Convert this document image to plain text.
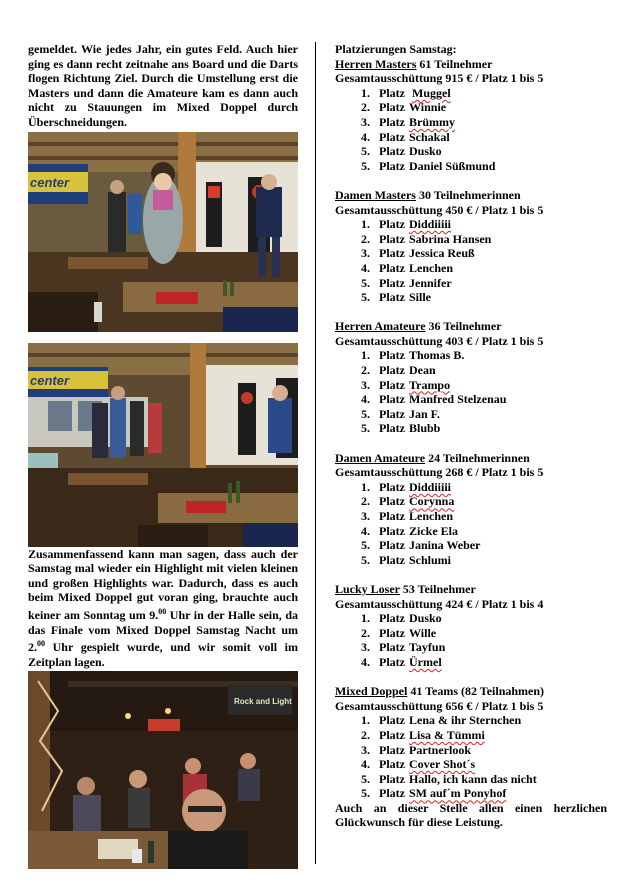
gemeldet. Wie jedes Jahr, ein gutes Feld. Auch hier ging es dann recht zeitnahe ans Board und die Darts flogen Richtung Ziel. Durch die Umstellung erst die Masters und dann die Amateure kam es dann auch nicht zu Stauungen im Mixed Doppel durch Überschneidungen.

center
center

Zusammenfassend kann man sagen, dass auch der Samstag mal wieder ein Highlight mit vielen kleinen und großen Highlights war. Dadurch, dass es auch beim Mixed Doppel gut voran ging, brauchte auch keiner am Sonntag um 9.00 Uhr in der Halle sein, da das Finale vom Mixed Doppel Samstag Nacht um 2.00 Uhr gespielt wurde, und wir somit voll im Zeitplan lagen.

Rock and Light
Platzierungen Samstag:
Herren Masters 61 Teilnehmer
Gesamtausschüttung 915 € / Platz 1 bis 5
1. Platz Muggel
2. Platz Winnie
3. Platz Brümmy
4. Platz Schakal
5. Platz Dusko
5. Platz Daniel Süßmund
Damen Masters 30 Teilnehmerinnen
Gesamtausschüttung 450 € / Platz 1 bis 5
1. Platz Diddiiiii
2. Platz Sabrina Hansen
3. Platz Jessica Reuß
4. Platz Lenchen
5. Platz Jennifer
5. Platz Sille
Herren Amateure 36 Teilnehmer
Gesamtausschüttung 403 € / Platz 1 bis 5
1. Platz Thomas B.
2. Platz Dean
3. Platz Trampo
4. Platz Manfred Stelzenau
5. Platz Jan F.
5. Platz Blubb
Damen Amateure 24 Teilnehmerinnen
Gesamtausschüttung 268 € / Platz 1 bis 5
1. Platz Diddiiiii
2. Platz Corynna
3. Platz Lenchen
4. Platz Zicke Ela
5. Platz Janina Weber
5. Platz Schlumi
Lucky Loser 53 Teilnehmer
Gesamtausschüttung 424 € / Platz 1 bis 4
1. Platz Dusko
2. Platz Wille
3. Platz Tayfun
4. Platz Ürmel
Mixed Doppel 41 Teams (82 Teilnahmen)
Gesamtausschüttung 656 € / Platz 1 bis 5
1. Platz Lena & ihr Sternchen
2. Platz Lisa & Tümmi
3. Platz Partnerlook
4. Platz Cover Shot´s
5. Platz Hallo, ich kann das nicht
5. Platz SM auf´m Ponyhof

Auch an dieser Stelle allen einen herzlichen Glückwunsch für diese Leistung.
